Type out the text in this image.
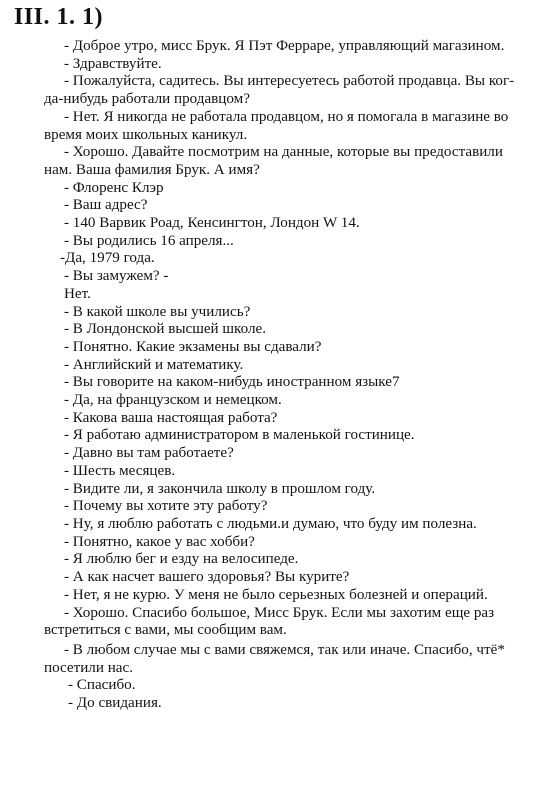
III. 1. 1)
- Доброе утро, мисс Брук. Я Пэт Ферраре, управляющий магазином.
- Здравствуйте.
- Пожалуйста, садитесь. Вы интересуетесь работой продавца. Вы ког-
да-нибудь работали продавцом?
- Нет. Я никогда не работала продавцом, но я помогала в магазине во
время моих школьных каникул.
- Хорошо. Давайте посмотрим на данные, которые вы предоставили
нам. Ваша фамилия Брук. А имя?
- Флоренс Клэр
- Ваш адрес?
- 140 Варвик Роад, Кенсингтон, Лондон W 14.
- Вы родились 16 апреля...
-Да, 1979 года.
- Вы замужем? -
Нет.
- В какой школе вы учились?
- В Лондонской высшей школе.
- Понятно. Какие экзамены вы сдавали?
- Английский и математику.
- Вы говорите на каком-нибудь иностранном языке7
- Да, на французском и немецком.
- Какова ваша настоящая работа?
- Я работаю администратором в маленькой гостинице.
- Давно вы там работаете?
- Шесть месяцев.
- Видите ли, я закончила школу в прошлом году.
- Почему вы хотите эту работу?
- Ну, я люблю работать с людьми.и думаю, что буду им полезна.
- Понятно, какое у вас хобби?
- Я люблю бег и езду на велосипеде.
- А как насчет вашего здоровья? Вы курите?
- Нет, я не курю. У меня не было серьезных болезней и операций.
- Хорошо. Спасибо большое, Мисс Брук. Если мы захотим еще раз
встретиться с вами, мы сообщим вам.
- В любом случае мы с вами свяжемся, так или иначе. Спасибо, чтё*
посетили нас.
- Спасибо.
- До свидания.
